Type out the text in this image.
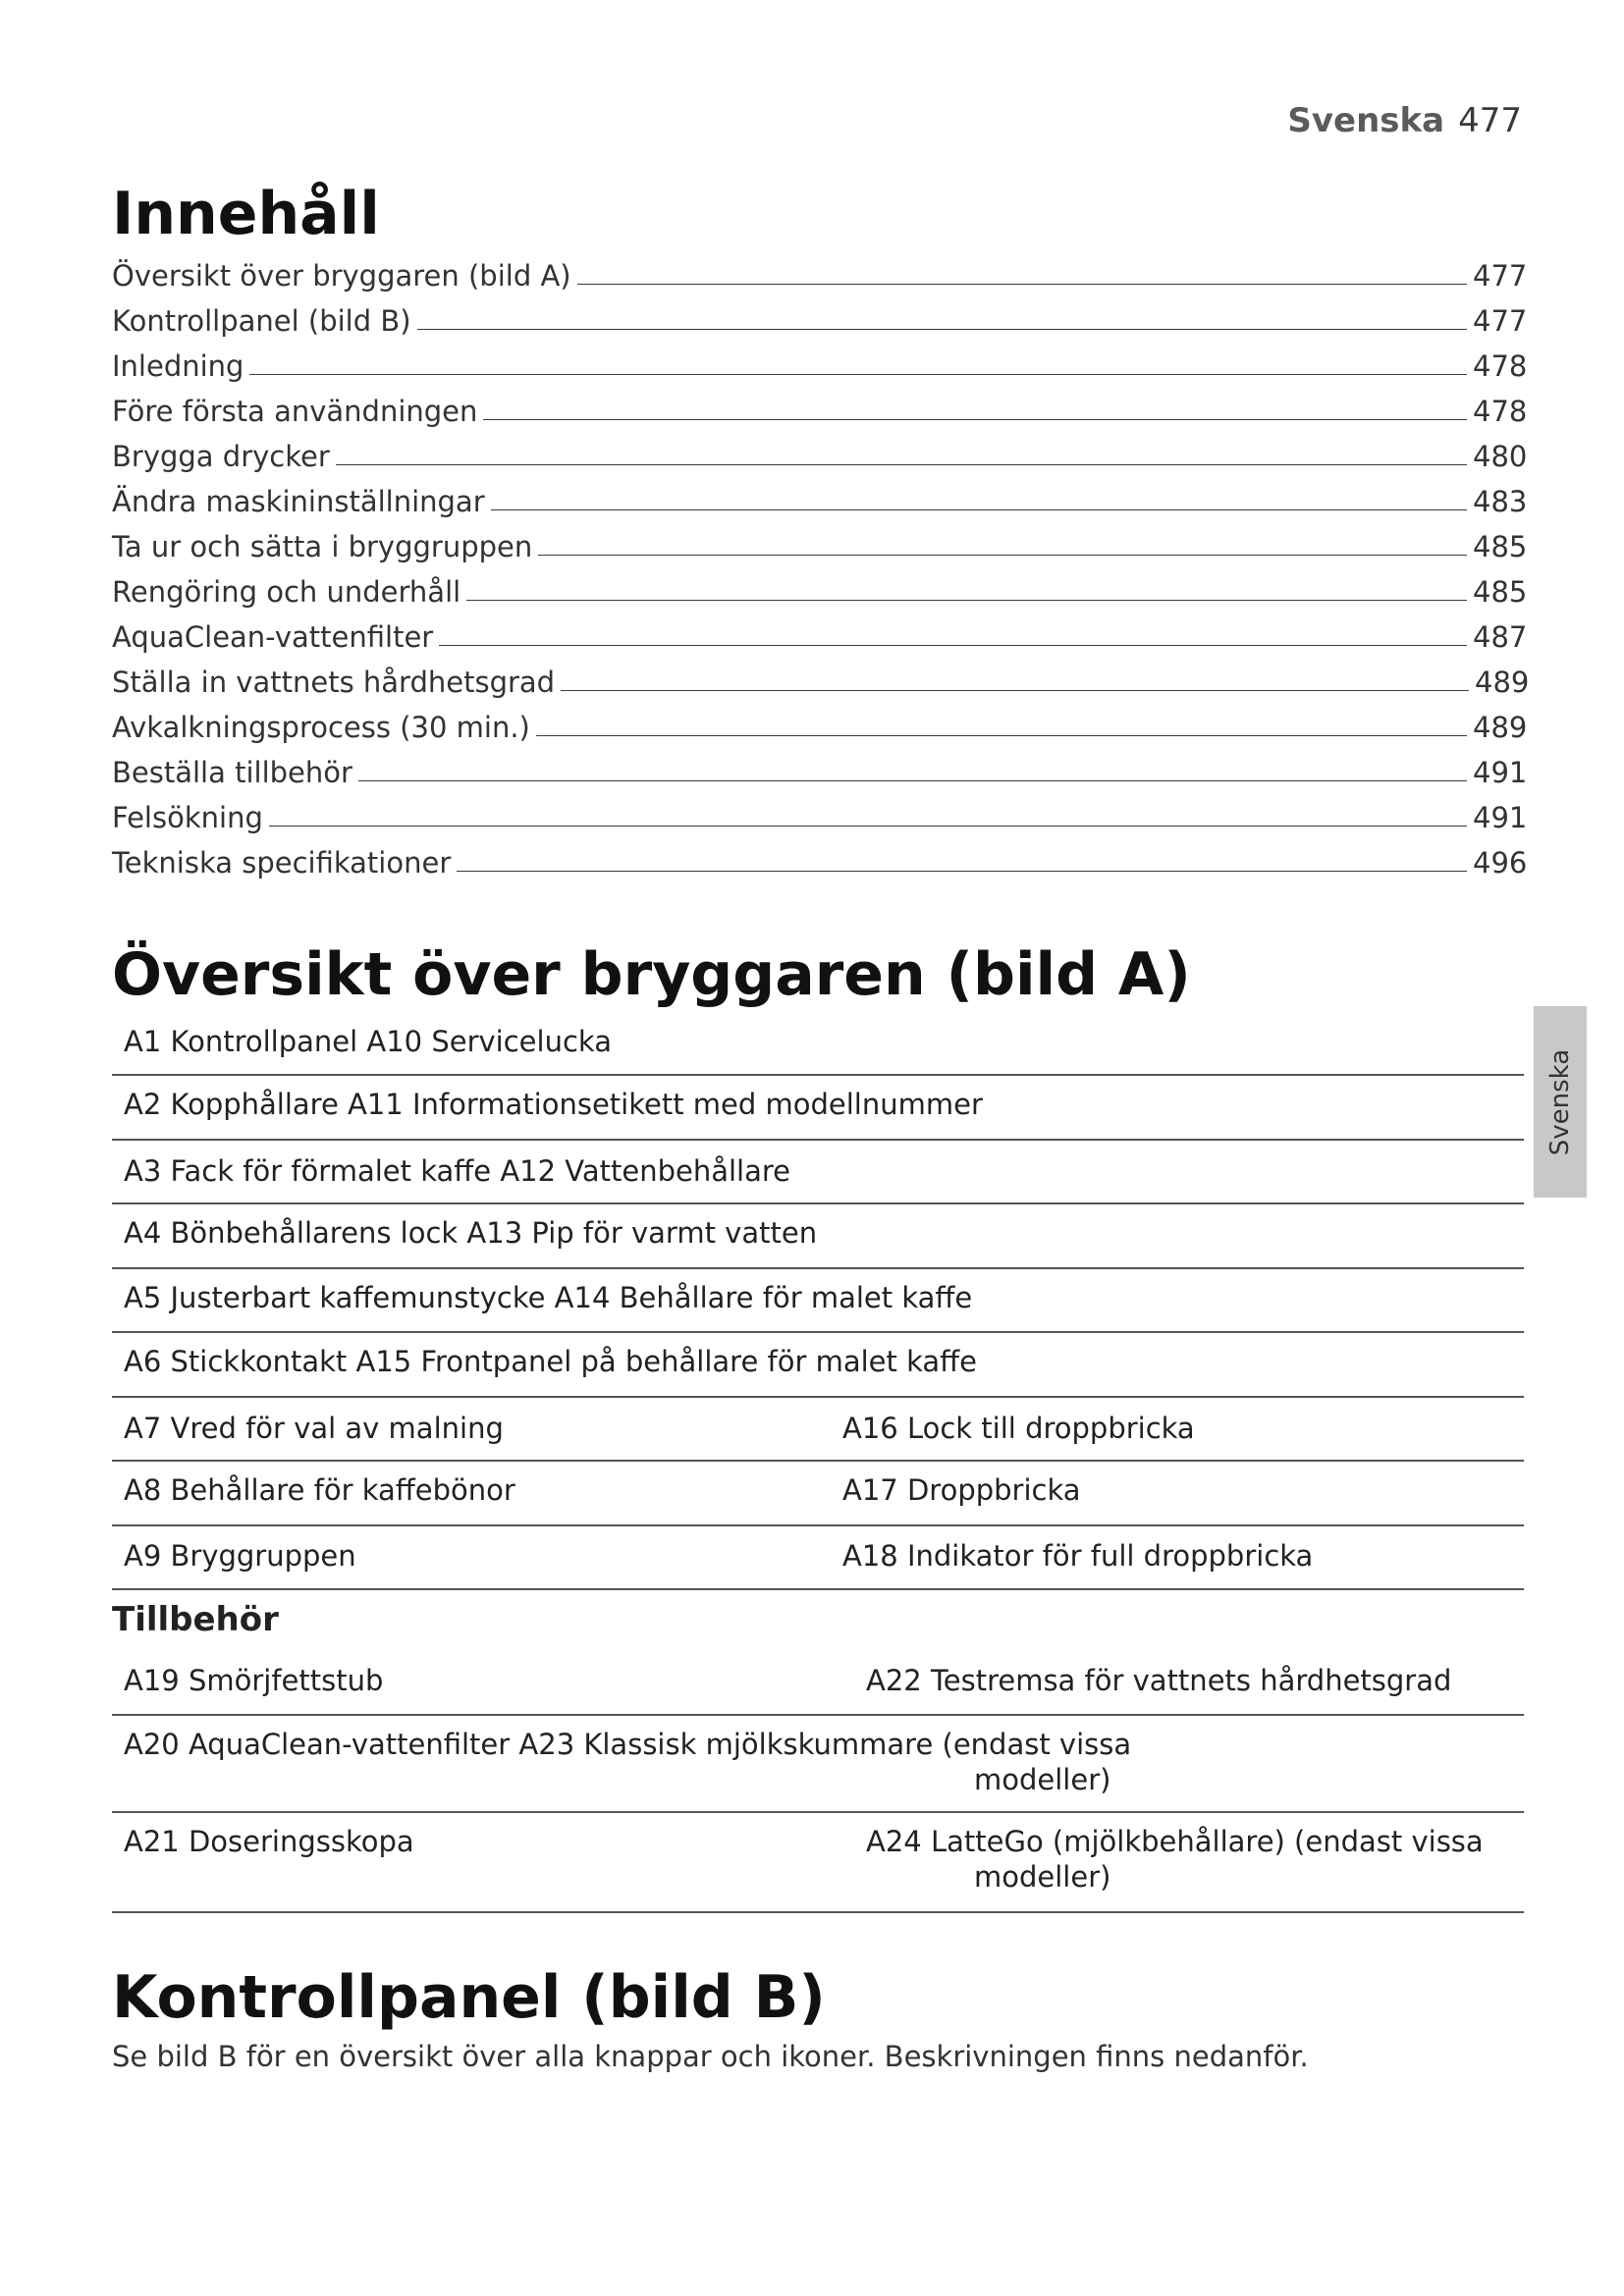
Svenska 477
Innehåll
Översikt över bryggaren (bild A)	477
Kontrollpanel (bild B)	477
Inledning	478
Före första användningen	478
Brygga drycker	480
Ändra maskininställningar	483
Ta ur och sätta i bryggruppen	485
Rengöring och underhåll	485
AquaClean-vattenfilter	487
Ställa in vattnets hårdhetsgrad	489
Avkalkningsprocess (30 min.)	489
Beställa tillbehör	491
Felsökning	491
Tekniska specifikationer	496
Översikt över bryggaren (bild A)
Svenska
A1 Kontrollpanel A10 Servicelucka
A2 Kopphållare A11 Informationsetikett med modellnummer
A3 Fack för förmalet kaffe A12 Vattenbehållare
A4 Bönbehållarens lock A13 Pip för varmt vatten
A5 Justerbart kaffemunstycke A14 Behållare för malet kaffe
A6 Stickkontakt A15 Frontpanel på behållare för malet kaffe
A7 Vred för val av malning	A16 Lock till droppbricka
A8 Behållare för kaffebönor	A17 Droppbricka
A9 Bryggruppen	A18 Indikator för full droppbricka
Tillbehör
A19 Smörjfettstub	A22 Testremsa för vattnets hårdhetsgrad
A20 AquaClean-vattenfilter A23 Klassisk mjölkskummare (endast vissa
modeller)
A21 Doseringsskopa	A24 LatteGo (mjölkbehållare) (endast vissa
modeller)
Kontrollpanel (bild B)

Se bild B för en översikt över alla knappar och ikoner. Beskrivningen finns nedanför.
